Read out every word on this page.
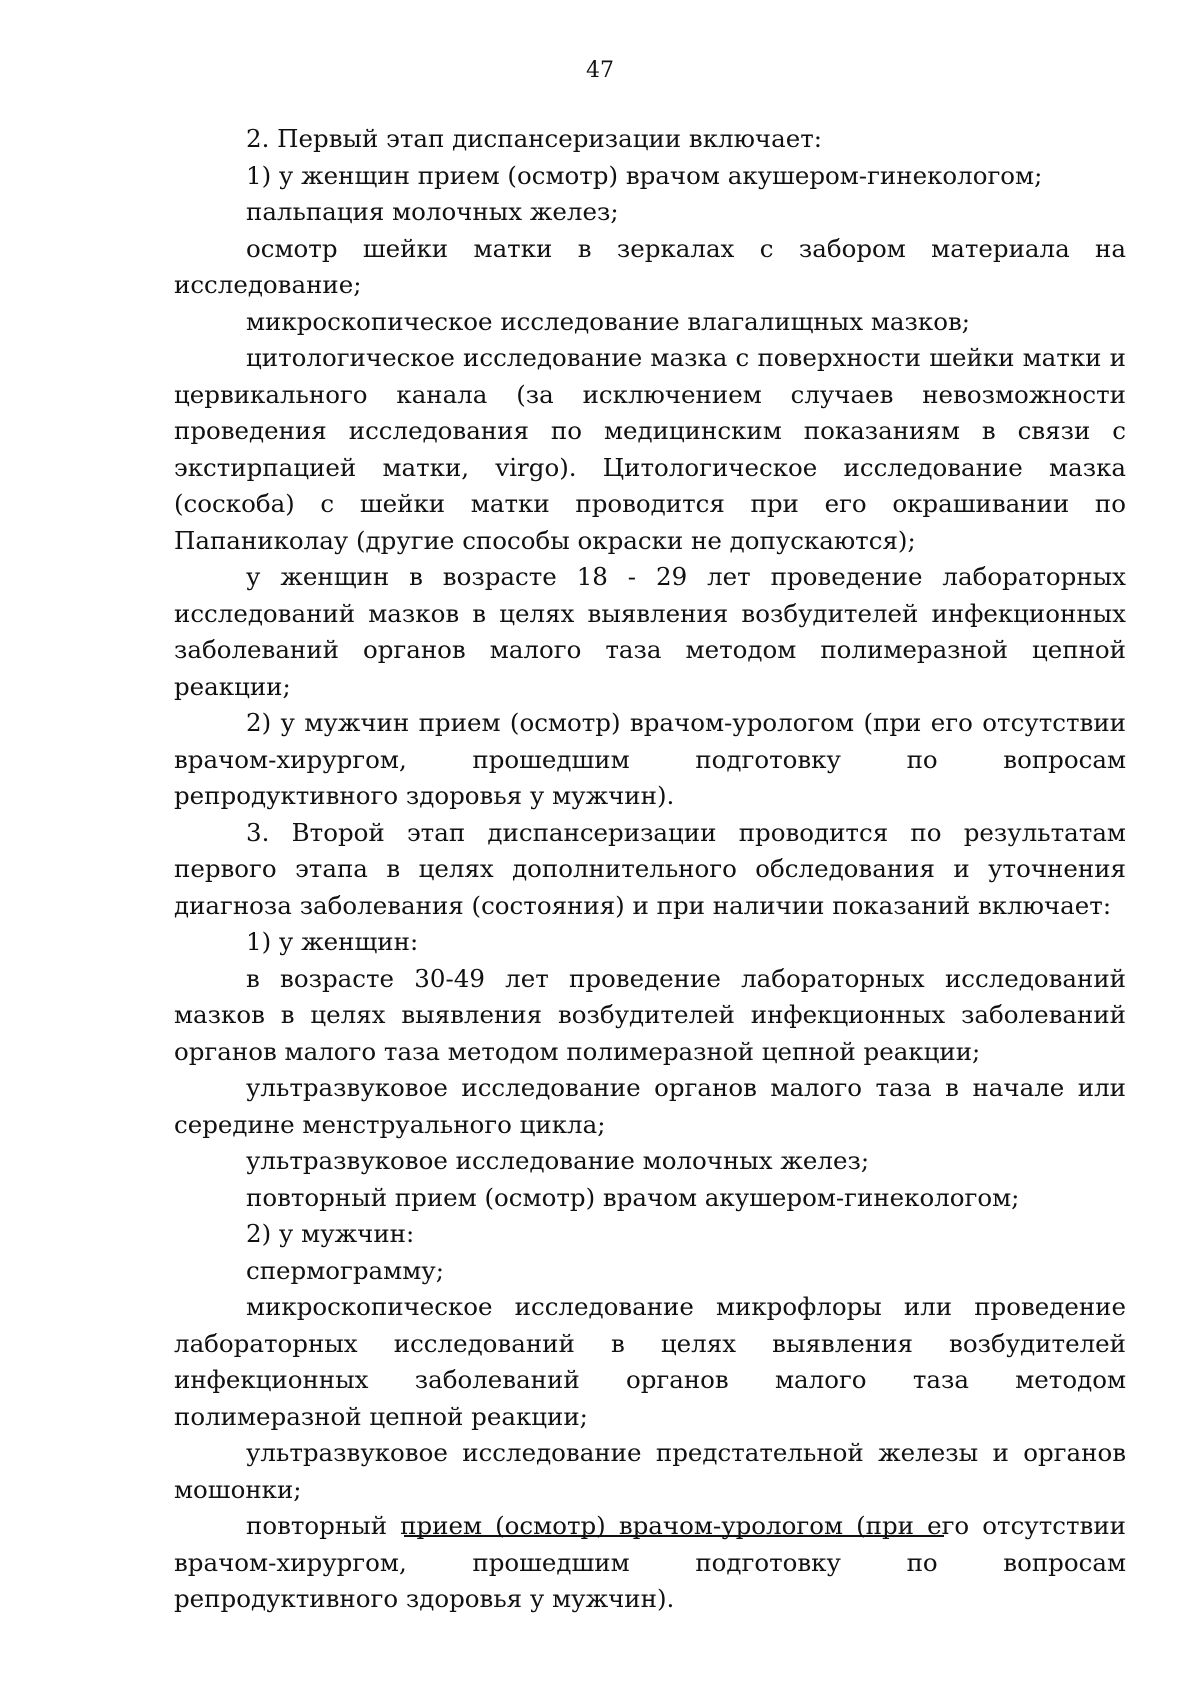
47

2. Первый этап диспансеризации включает:

1) у женщин прием (осмотр) врачом акушером-гинекологом;

пальпация молочных желез;

осмотр шейки матки в зеркалах с забором материала на исследование;

микроскопическое исследование влагалищных мазков;

цитологическое исследование мазка с поверхности шейки матки и цервикального канала (за исключением случаев невозможности проведения исследования по медицинским показаниям в связи с экстирпацией матки, virgo). Цитологическое исследование мазка (соскоба) с шейки матки проводится при его окрашивании по Папаниколау (другие способы окраски не допускаются);

у женщин в возрасте 18 - 29 лет проведение лабораторных исследований мазков в целях выявления возбудителей инфекционных заболеваний органов малого таза методом полимеразной цепной реакции;

2) у мужчин прием (осмотр) врачом-урологом (при его отсутствии врачом-хирургом, прошедшим подготовку по вопросам репродуктивного здоровья у мужчин).

3. Второй этап диспансеризации проводится по результатам первого этапа в целях дополнительного обследования и уточнения диагноза заболевания (состояния) и при наличии показаний включает:

1) у женщин:

в возрасте 30-49 лет проведение лабораторных исследований мазков в целях выявления возбудителей инфекционных заболеваний органов малого таза методом полимеразной цепной реакции;

ультразвуковое исследование органов малого таза в начале или середине менструального цикла;

ультразвуковое исследование молочных желез;

повторный прием (осмотр) врачом акушером-гинекологом;

2) у мужчин:

спермограмму;

микроскопическое исследование микрофлоры или проведение лабораторных исследований в целях выявления возбудителей инфекционных заболеваний органов малого таза методом полимеразной цепной реакции;

ультразвуковое исследование предстательной железы и органов мошонки;

повторный прием (осмотр) врачом-урологом (при его отсутствии врачом-хирургом, прошедшим подготовку по вопросам репродуктивного здоровья у мужчин).
